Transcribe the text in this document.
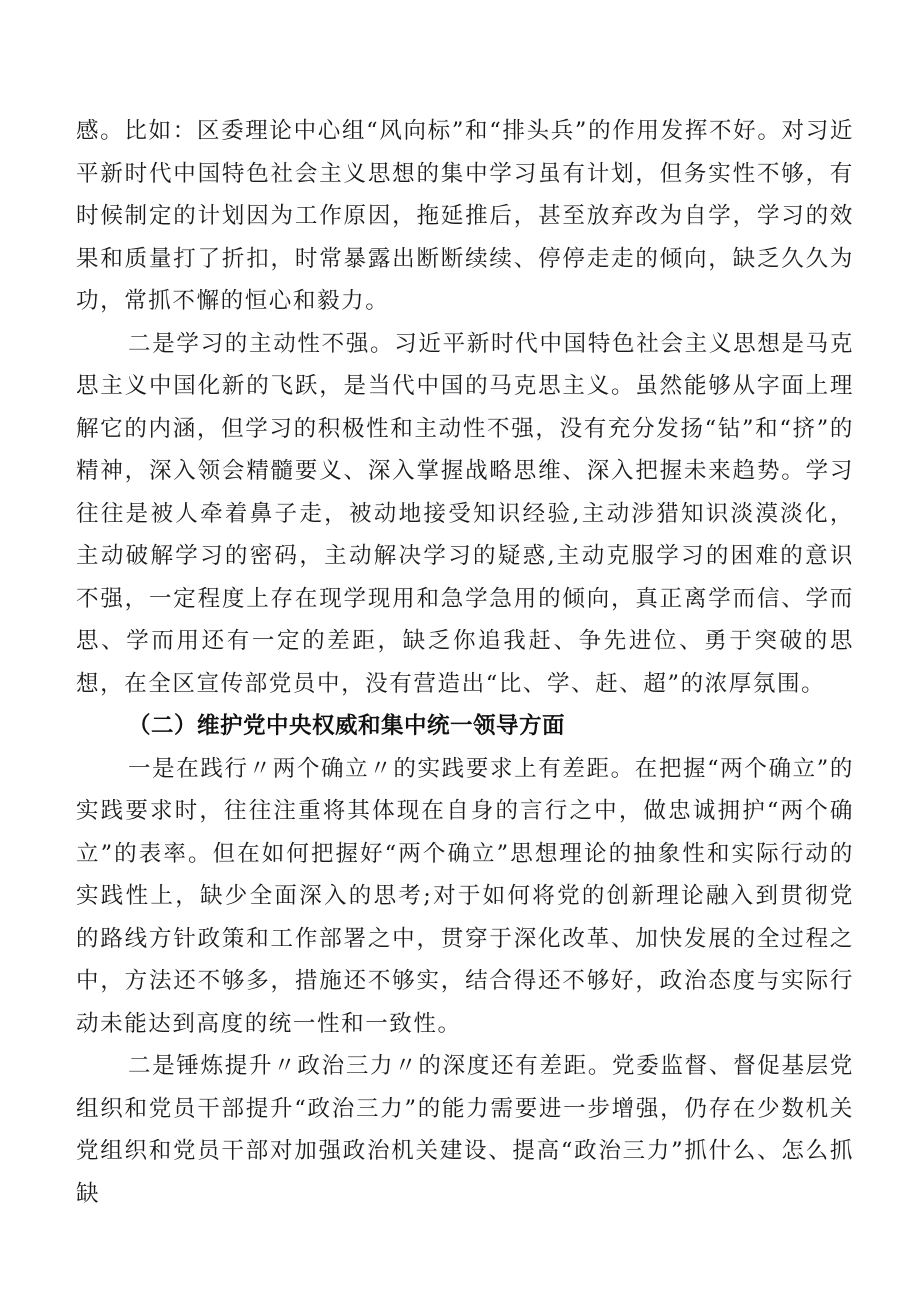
感。比如：区委理论中心组“风向标”和“排头兵”的作用发挥不好。对习近平新时代中国特色社会主义思想的集中学习虽有计划，但务实性不够，有时候制定的计划因为工作原因，拖延推后，甚至放弃改为自学，学习的效果和质量打了折扣，时常暴露出断断续续、停停走走的倾向，缺乏久久为功，常抓不懈的恒心和毅力。

二是学习的主动性不强。习近平新时代中国特色社会主义思想是马克思主义中国化新的飞跃，是当代中国的马克思主义。虽然能够从字面上理解它的内涵，但学习的积极性和主动性不强，没有充分发扬“钻”和“挤”的精神，深入领会精髓要义、深入掌握战略思维、深入把握未来趋势。学习往往是被人牵着鼻子走，被动地接受知识经验,主动涉猎知识淡漠淡化，主动破解学习的密码，主动解决学习的疑惑,主动克服学习的困难的意识不强，一定程度上存在现学现用和急学急用的倾向，真正离学而信、学而思、学而用还有一定的差距，缺乏你追我赶、争先进位、勇于突破的思想，在全区宣传部党员中，没有营造出“比、学、赶、超”的浓厚氛围。

（二）维护党中央权威和集中统一领导方面

一是在践行〃两个确立〃的实践要求上有差距。在把握“两个确立”的实践要求时，往往注重将其体现在自身的言行之中，做忠诚拥护“两个确立”的表率。但在如何把握好“两个确立”思想理论的抽象性和实际行动的实践性上，缺少全面深入的思考;对于如何将党的创新理论融入到贯彻党的路线方针政策和工作部署之中，贯穿于深化改革、加快发展的全过程之中，方法还不够多，措施还不够实，结合得还不够好，政治态度与实际行动未能达到高度的统一性和一致性。

二是锤炼提升〃政治三力〃的深度还有差距。党委监督、督促基层党组织和党员干部提升“政治三力”的能力需要进一步增强，仍存在少数机关党组织和党员干部对加强政治机关建设、提高“政治三力”抓什么、怎么抓缺
